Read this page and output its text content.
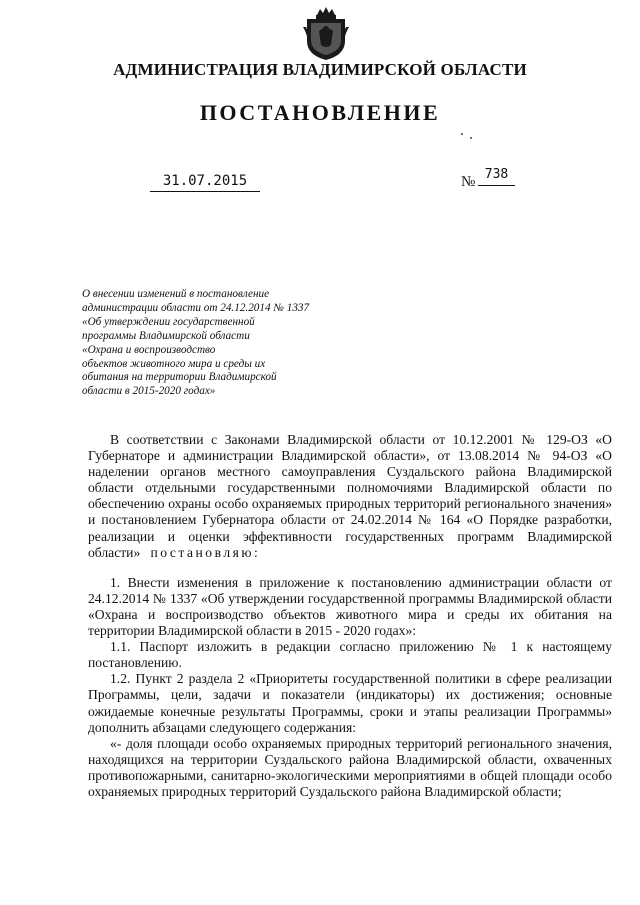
АДМИНИСТРАЦИЯ ВЛАДИМИРСКОЙ ОБЛАСТИ
ПОСТАНОВЛЕНИЕ
31.07.2015	№ 738
О внесении изменений в постановление
администрации области от 24.12.2014 № 1337
«Об утверждении государственной
программы Владимирской области
«Охрана и воспроизводство
объектов животного мира и среды их
обитания на территории Владимирской
области в 2015-2020 годах»

В соответствии с Законами Владимирской области от 10.12.2001 № 129-ОЗ «О Губернаторе и администрации Владимирской области», от 13.08.2014 № 94-ОЗ «О наделении органов местного самоуправления Суздальского района Владимирской области отдельными государственными полномочиями Владимирской области по обеспечению охраны особо охраняемых природных территорий регионального значения» и постановлением Губернатора области от 24.02.2014 № 164 «О Порядке разработки, реализации и оценки эффективности государственных программ Владимирской области» постановляю:

1. Внести изменения в приложение к постановлению администрации области от 24.12.2014 № 1337 «Об утверждении государственной программы Владимирской области «Охрана и воспроизводство объектов животного мира и среды их обитания на территории Владимирской области в 2015 - 2020 годах»:

1.1. Паспорт изложить в редакции согласно приложению № 1 к настоящему постановлению.

1.2. Пункт 2 раздела 2 «Приоритеты государственной политики в сфере реализации Программы, цели, задачи и показатели (индикаторы) их достижения; основные ожидаемые конечные результаты Программы, сроки и этапы реализации Программы» дополнить абзацами следующего содержания:

«- доля площади особо охраняемых природных территорий регионального значения, находящихся на территории Суздальского района Владимирской области, охваченных противопожарными, санитарно-экологическими мероприятиями в общей площади особо охраняемых природных территорий Суздальского района Владимирской области;
